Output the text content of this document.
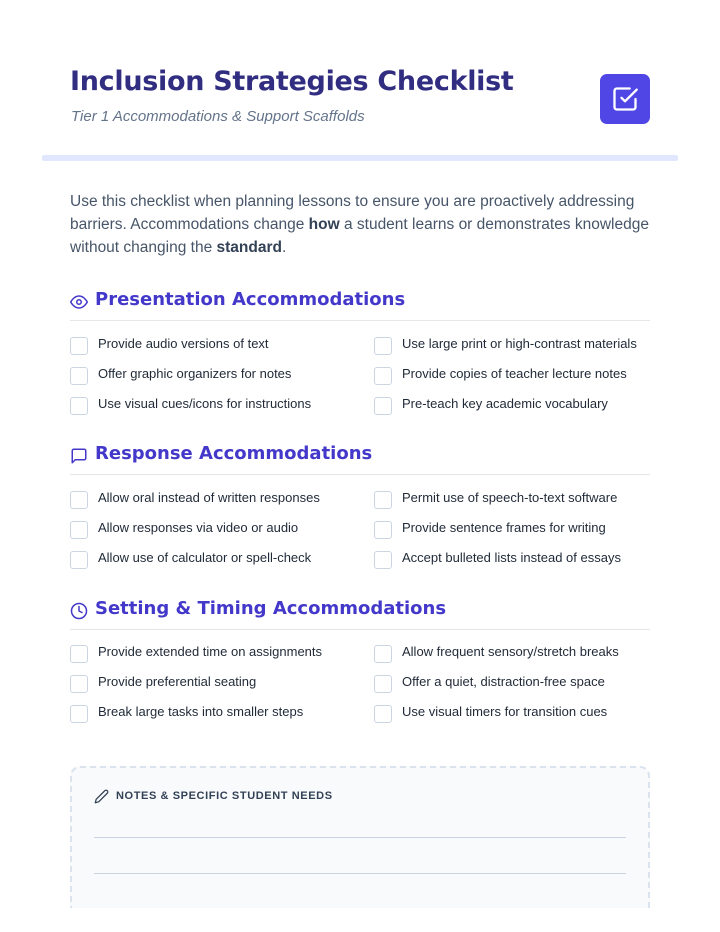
Inclusion Strategies Checklist

Tier 1 Accommodations & Support Scaffolds

Use this checklist when planning lessons to ensure you are proactively addressing barriers. Accommodations change how a student learns or demonstrates knowledge without changing the standard.

Presentation Accommodations
Provide audio versions of text	Use large print or high-contrast materials
Offer graphic organizers for notes	Provide copies of teacher lecture notes
Use visual cues/icons for instructions	Pre-teach key academic vocabulary
Response Accommodations
Allow oral instead of written responses	Permit use of speech-to-text software
Allow responses via video or audio	Provide sentence frames for writing
Allow use of calculator or spell-check	Accept bulleted lists instead of essays
Setting & Timing Accommodations
Provide extended time on assignments	Allow frequent sensory/stretch breaks
Provide preferential seating	Offer a quiet, distraction-free space
Break large tasks into smaller steps	Use visual timers for transition cues
NOTES & SPECIFIC STUDENT NEEDS
